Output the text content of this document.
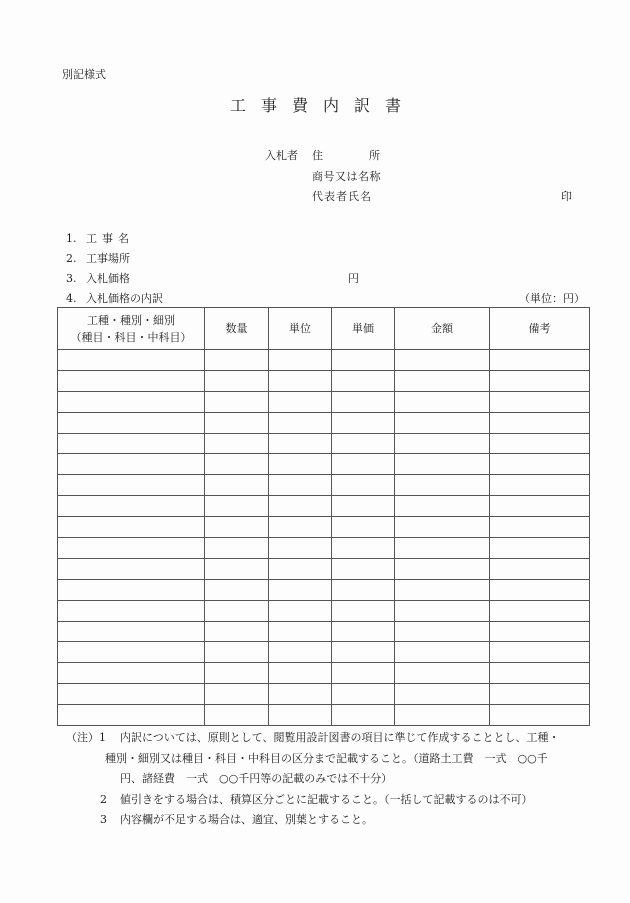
別記様式
工 事 費 内 訳 書
入札者 住	所
商号又は名称
代表者氏名	印
1. 工事名
2. 工事場所
3. 入札価格	円
4. 入札価格の内訳	（単位：円）
工種・種別・細別
（種目・科目・中科目）	数量	単位	単価	金額	備考

（注） 1 内訳については、原則として、閲覧用設計図書の項目に準じて作成することとし、工種・
種別・細別又は種目・科目・中科目の区分まで記載すること。（道路土工費　一式　○○千
円、諸経費　一式　○○千円等の記載のみでは不十分）
2 値引きをする場合は、積算区分ごとに記載すること。（一括して記載するのは不可）
3 内容欄が不足する場合は、適宜、別葉とすること。
